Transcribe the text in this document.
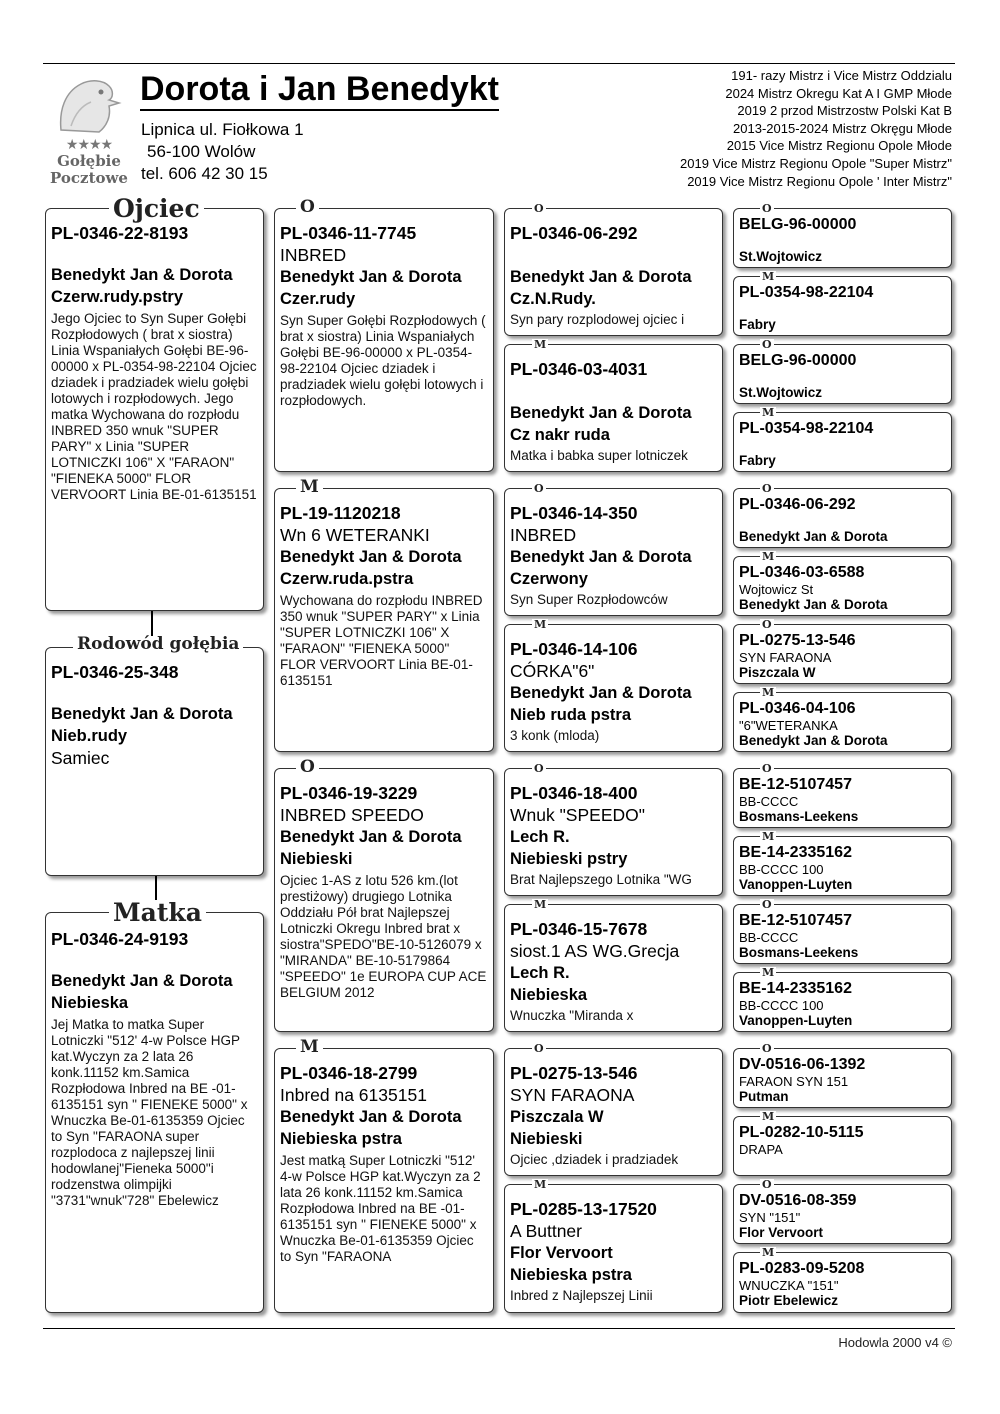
★★★★
Gołębie
Pocztowe
Dorota i Jan Benedykt
Lipnica ul. Fiołkowa 1
56-100 Wolów
tel. 606 42 30 15
191- razy Mistrz i Vice Mistrz Oddzialu
2024 Mistrz Okregu Kat A I GMP Młode
2019 2 przod Mistrzostw Polski Kat B
2013-2015-2024 Mistrz Okręgu Młode
2015 Vice Mistrz Regionu Opole Młode
2019 Vice Mistrz Regionu Opole "Super Mistrz"
2019 Vice Mistrz Regionu Opole ' Inter Mistrz"
PL-0346-22-8193
Benedykt Jan & Dorota
Czerw.rudy.pstry
Jego Ojciec to Syn Super Gołębi Rozpłodowych ( brat x siostra) Linia Wspaniałych Gołębi BE-96-00000 x PL-0354-98-22104 Ojciec dziadek i pradziadek wielu gołębi lotowych i rozpłodowych. Jego matka Wychowana do rozpłodu INBRED 350 wnuk "SUPER PARY" x Linia "SUPER LOTNICZKI 106" X "FARAON" "FIENEKA 5000" FLOR VERVOORT Linia BE-01-6135151
Ojciec
PL-0346-25-348
Benedykt Jan & Dorota
Nieb.rudy
Samiec
Rodowód gołębia
PL-0346-24-9193
Benedykt Jan & Dorota
Niebieska
Jej Matka to matka Super Lotniczki "512' 4-w Polsce HGP kat.Wyczyn za 2 lata 26 konk.11152 km.Samica Rozpłodowa Inbred na BE -01-6135151 syn " FIENEKE 5000" x Wnuczka Be-01-6135359 Ojciec to Syn "FARAONA super rozplodoca z najlepszej linii hodowlanej"Fieneka 5000"i rodzenstwa olimpijki "3731"wnuk"728" Ebelewicz
Matka
PL-0346-11-7745
INBRED
Benedykt Jan & Dorota
Czer.rudy
Syn Super Gołębi Rozpłodowych ( brat x siostra) Linia Wspaniałych Gołębi BE-96-00000 x PL-0354-98-22104 Ojciec dziadek i pradziadek wielu gołębi lotowych i rozpłodowych.
O
PL-19-1120218
Wn 6 WETERANKI
Benedykt Jan & Dorota
Czerw.ruda.pstra
Wychowana do rozpłodu INBRED 350 wnuk "SUPER PARY" x Linia "SUPER LOTNICZKI 106" X "FARAON" "FIENEKA 5000" FLOR VERVOORT Linia BE-01-6135151
M
PL-0346-19-3229
INBRED SPEEDO
Benedykt Jan & Dorota
Niebieski
Ojciec 1-AS z lotu 526 km.(lot prestiżowy) drugiego Lotnika Oddziału Pół brat Najlepszej Lotniczki Okregu Inbred brat x siostra"SPEDO"BE-10-5126079 x "MIRANDA" BE-10-5179864 "SPEEDO" 1e EUROPA CUP ACE BELGIUM 2012
O
PL-0346-18-2799
Inbred na 6135151
Benedykt Jan & Dorota
Niebieska pstra
Jest matką Super Lotniczki "512' 4-w Polsce HGP kat.Wyczyn za 2 lata 26 konk.11152 km.Samica Rozpłodowa Inbred na BE -01-6135151 syn " FIENEKE 5000" x Wnuczka Be-01-6135359 Ojciec to Syn "FARAONA
M
PL-0346-06-292
Benedykt Jan & Dorota
Cz.N.Rudy.
Syn pary rozplodowej ojciec i
O
PL-0346-03-4031
Benedykt Jan & Dorota
Cz nakr ruda
Matka i babka super lotniczek
M
PL-0346-14-350
INBRED
Benedykt Jan & Dorota
Czerwony
Syn Super Rozpłodowców
O
PL-0346-14-106
CÓRKA"6"
Benedykt Jan & Dorota
Nieb ruda pstra
3 konk (mloda)
M
PL-0346-18-400
Wnuk "SPEEDO"
Lech R.
Niebieski pstry
Brat Najlepszego Lotnika "WG
O
PL-0346-15-7678
siost.1 AS WG.Grecja
Lech R.
Niebieska
Wnuczka "Miranda x
M
PL-0275-13-546
SYN FARAONA
Piszczala W
Niebieski
Ojciec ,dziadek i pradziadek
O
PL-0285-13-17520
A Buttner
Flor Vervoort
Niebieska pstra
Inbred z Najlepszej Linii
M
BELG-96-00000
St.Wojtowicz
O
PL-0354-98-22104
Fabry
M
BELG-96-00000
St.Wojtowicz
O
PL-0354-98-22104
Fabry
M
PL-0346-06-292
Benedykt Jan & Dorota
O
PL-0346-03-6588
Wojtowicz St
Benedykt Jan & Dorota
M
PL-0275-13-546
SYN FARAONA
Piszczala W
O
PL-0346-04-106
"6"WETERANKA
Benedykt Jan & Dorota
M
BE-12-5107457
BB-CCCC
Bosmans-Leekens
O
BE-14-2335162
BB-CCCC 100
Vanoppen-Luyten
M
BE-12-5107457
BB-CCCC
Bosmans-Leekens
O
BE-14-2335162
BB-CCCC 100
Vanoppen-Luyten
M
DV-0516-06-1392
FARAON SYN 151
Putman
O
PL-0282-10-5115
DRAPA
M
DV-0516-08-359
SYN "151"
Flor Vervoort
O
PL-0283-09-5208
WNUCZKA "151"
Piotr Ebelewicz
M
Hodowla 2000 v4 ©
